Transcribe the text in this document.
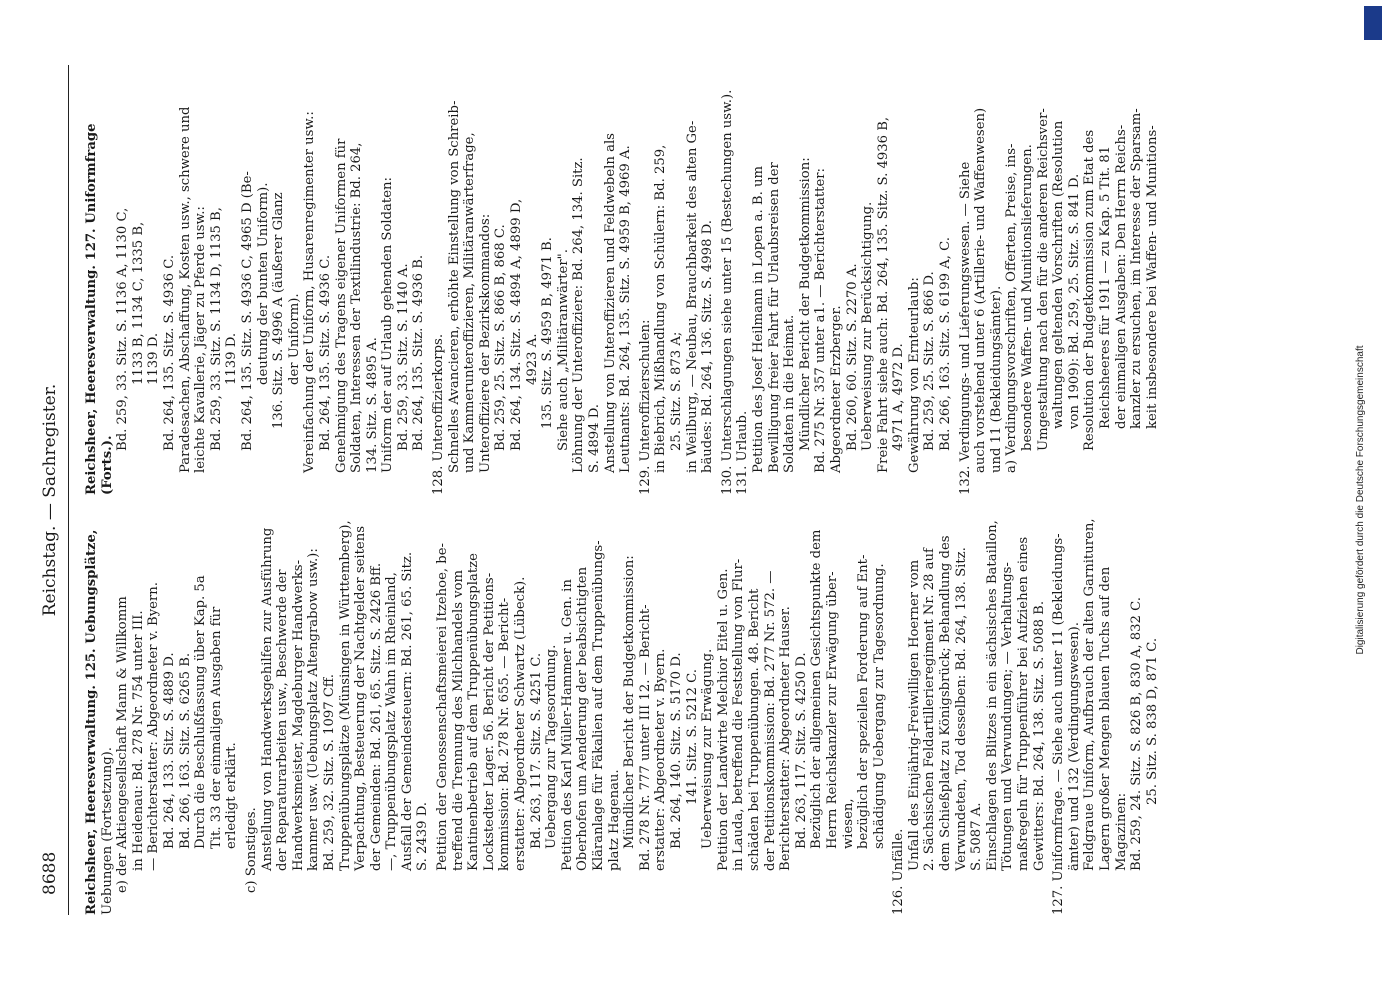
8688
Reichstag. — Sachregister.

Reichsheer, Heeresverwaltung. 125. Uebungsplätze, Uebungen (Fortsetzung). e) der Aktiengesellschaft Mann & Willkomm in Heidenau: Bd. 278 Nr. 754 unter III. — Berichterstatter: Abgeordneter v. Byern. Bd. 264, 133. Sitz. S. 4889 D. Bd. 266, 163. Sitz. S. 6265 B. Durch die Beschlußfassung über Kap. 5a Tit. 33 der einmaligen Ausgaben für erledigt erklärt.

c) Sonstiges. Anstellung von Handwerksgehilfen zur Ausführung der Reparaturarbeiten usw., Beschwerde der Handwerksmeister, Magdeburger Handwerks- kammer usw. (Uebungsplatz Altengrabow usw.): Bd. 259, 32. Sitz. S. 1097 Cff. Truppenübungsplätze (Münsingen in Württemberg), Verpachtung, Besteuerung der Nachtgelder seitens der Gemeinden: Bd. 261, 65. Sitz. S. 2426 Bff. —, Truppenübungsplatz Wahn im Rheinland, Ausfall der Gemeindesteuern: Bd. 261, 65. Sitz. S. 2439 D. Petition der Genossenschaftsmeierei Itzehoe, be- treffend die Trennung des Milchhandels vom Kantinenbetrieb auf dem Truppenübungsplatze Lockstedter Lager. 56. Bericht der Petitions- kommission: Bd. 278 Nr. 655. — Bericht- erstatter: Abgeordneter Schwartz (Lübeck). Bd. 263, 117. Sitz. S. 4251 C. Uebergang zur Tagesordnung. Petition des Karl Müller-Hammer u. Gen. in Oberhofen um Aenderung der beabsichtigten Kläranlage für Fäkalien auf dem Truppenübungs- platz Hagenau. Mündlicher Bericht der Budgetkommission: Bd. 278 Nr. 777 unter III 12. — Bericht- erstatter: Abgeordneter v. Byern. Bd. 264, 140. Sitz. S. 5170 D. 141. Sitz. S. 5212 C. Ueberweisung zur Erwägung. Petition der Landwirte Melchior Eitel u. Gen. in Lauda, betreffend die Feststellung von Flur- schäden bei Truppenübungen. 48. Bericht der Petitionskommission: Bd. 277 Nr. 572. — Berichterstatter: Abgeordneter Hauser. Bd. 263, 117. Sitz. S. 4250 D. Bezüglich der allgemeinen Gesichtspunkte dem Herrn Reichskanzler zur Erwägung über- wiesen, bezüglich der speziellen Forderung auf Ent- schädigung Uebergang zur Tagesordnung.

126. Unfälle.

Unfall des Einjährig-Freiwilligen Hoerner vom 2. Sächsischen Feldartillerieregiment Nr. 28 auf dem Schießplatz zu Königsbrück; Behandlung des Verwundeten, Tod desselben: Bd. 264, 138. Sitz. S. 5087 A. Einschlagen des Blitzes in ein sächsisches Bataillon, Tötungen und Verwundungen; — Verhaltungs- maßregeln für Truppenführer bei Aufziehen eines Gewitters: Bd. 264, 138. Sitz. S. 5088 B. 127. Uniformfrage. — Siehe auch unter 11 (Bekleidungs- ämter) und 132 (Verdingungswesen). Feldgraue Uniform, Aufbrauch der alten Garnituren, Lagern großer Mengen blauen Tuchs auf den Magazinen: Bd. 259, 24. Sitz. S. 826 B, 830 A, 832 C. 25. Sitz. S. 838 D, 871 C.

Reichsheer, Heeresverwaltung. 127. Uniformfrage (Forts.).

Bd. 259, 33. Sitz. S. 1136 A, 1130 C, 1133 B, 1134 C, 1335 B, 1139 D. Bd. 264, 135. Sitz. S. 4936 C. Paradesachen, Abschaffung, Kosten usw., schwere und leichte Kavallerie, Jäger zu Pferde usw.: Bd. 259, 33. Sitz. S. 1134 D, 1135 B, 1139 D. Bd. 264, 135. Sitz. S. 4936 C, 4965 D (Be- deutung der bunten Uniform). 136. Sitz. S. 4996 A (äußerer Glanz der Uniform). Vereinfachung der Uniform, Husarenregimenter usw.: Bd. 264, 135. Sitz. S. 4936 C. Genehmigung des Tragens eigener Uniformen für Soldaten, Interessen der Textilindustrie: Bd. 264, 134. Sitz. S. 4895 A. Uniform der auf Urlaub gehenden Soldaten: Bd. 259, 33. Sitz. S. 1140 A. Bd. 264, 135. Sitz. S. 4936 B. 128. Unteroffizierkorps. Schnelles Avancieren, erhöhte Einstellung von Schreib- und Kammerunteroffizieren, Militäranwärterfrage, Unteroffiziere der Bezirkskommandos: Bd. 259, 25. Sitz. S. 866 B, 868 C. Bd. 264, 134. Sitz. S. 4894 A, 4899 D, 4923 A. 135. Sitz. S. 4959 B, 4971 B. Siehe auch „Militäranwärter". Löhnung der Unteroffiziere: Bd. 264, 134. Sitz. S. 4894 D. Anstellung von Unteroffizieren und Feldwebeln als Leutnants: Bd. 264, 135. Sitz. S. 4959 B, 4969 A. 129. Unteroffizierschulen: in Biebrich, Mißhandlung von Schülern: Bd. 259, 25. Sitz. S. 873 A; in Weilburg, — Neubau, Brauchbarkeit des alten Ge- bäudes: Bd. 264, 136. Sitz. S. 4998 D. 130. Unterschlagungen siehe unter 15 (Bestechungen usw.). 131. Urlaub. Petition des Josef Heilmann in Lopen a. B. um Bewilligung freier Fahrt für Urlaubsreisen der Soldaten in die Heimat. Mündlicher Bericht der Budgetkommission: Bd. 275 Nr. 357 unter a1. — Berichterstatter: Abgeordneter Erzberger. Bd. 260, 60. Sitz. S. 2270 A. Ueberweisung zur Berücksichtigung. Freie Fahrt siehe auch: Bd. 264, 135. Sitz. S. 4936 B, 4971 A, 4972 D. Gewährung von Ernteurlaub: Bd. 259, 25. Sitz. S. 866 D. Bd. 266, 163. Sitz. S. 6199 A, C. 132. Verdingungs- und Lieferungswesen. — Siehe auch vorstehend unter 6 (Artillerie- und Waffenwesen) und 11 (Bekleidungsämter). a) Verdingungsvorschriften, Offerten, Preise, ins- besondere Waffen- und Munitionslieferungen. Umgestaltung nach den für die anderen Reichsver- waltungen geltenden Vorschriften (Resolution von 1909): Bd. 259, 25. Sitz. S. 841 D. Resolution der Budgetkommission zum Etat des Reichsheeres für 1911 — zu Kap. 5 Tit. 81 der einmaligen Ausgaben: Den Herrn Reichs- kanzler zu ersuchen, im Interesse der Sparsam- keit insbesondere bei Waffen- und Munitions-

Digitalisierung gefördert durch die Deutsche Forschungsgemeinschaft
